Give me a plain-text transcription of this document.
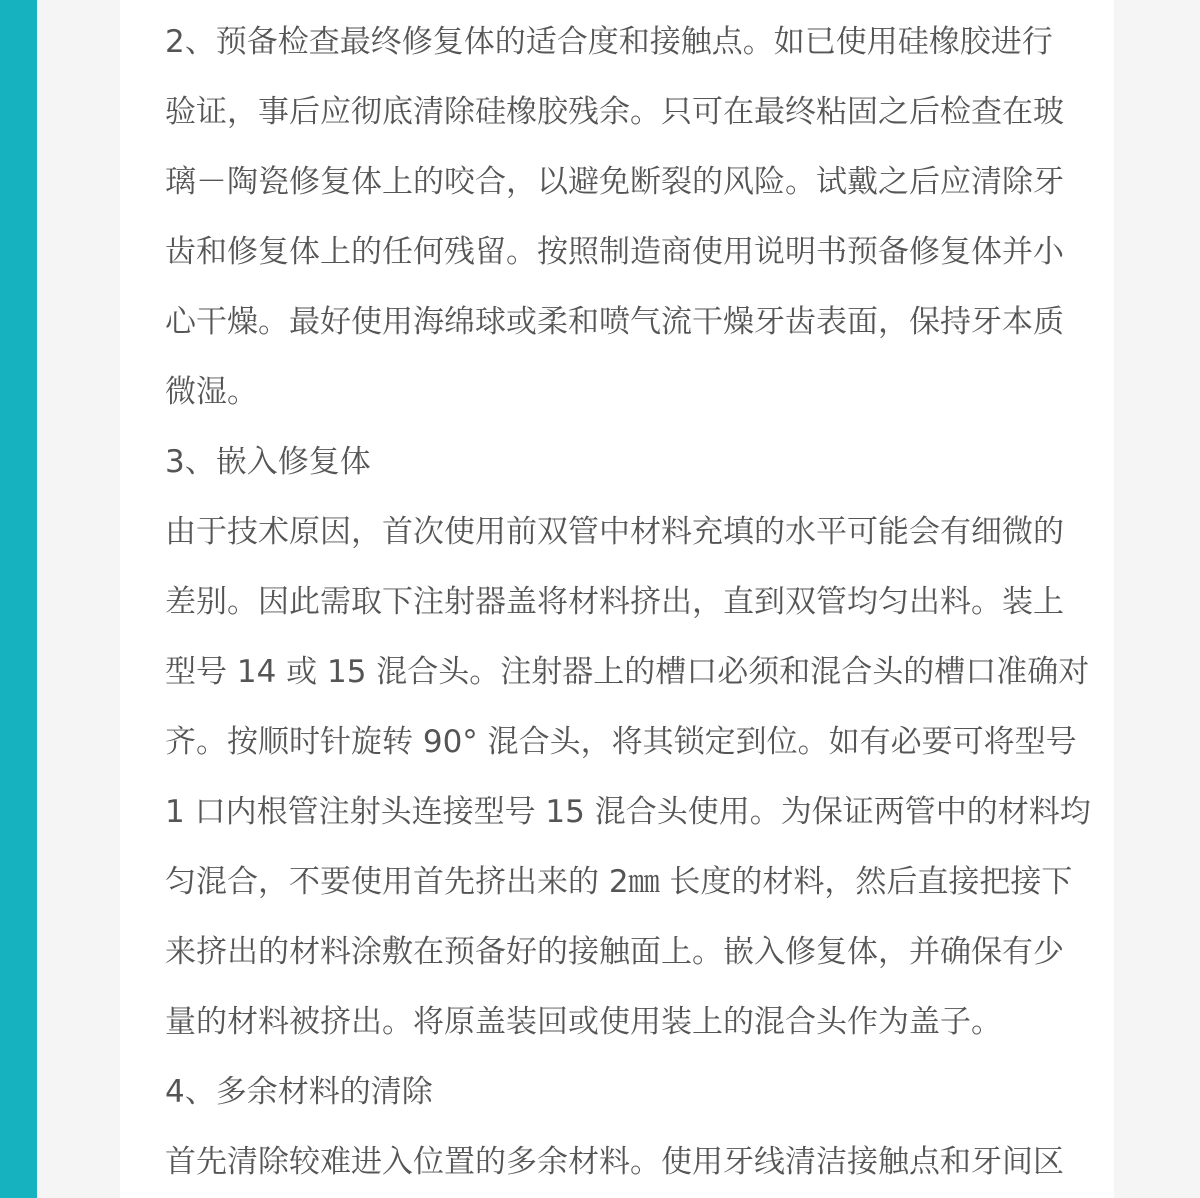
2、预备检查最终修复体的适合度和接触点。如已使用硅橡胶进行
验证，事后应彻底清除硅橡胶残余。只可在最终粘固之后检查在玻
璃－陶瓷修复体上的咬合，以避免断裂的风险。试戴之后应清除牙
齿和修复体上的任何残留。按照制造商使用说明书预备修复体并小
心干燥。最好使用海绵球或柔和喷气流干燥牙齿表面，保持牙本质
微湿。
3、嵌入修复体
由于技术原因，首次使用前双管中材料充填的水平可能会有细微的
差别。因此需取下注射器盖将材料挤出，直到双管均匀出料。装上
型号 14 或 15 混合头。注射器上的槽口必须和混合头的槽口准确对
齐。按顺时针旋转 90° 混合头，将其锁定到位。如有必要可将型号
1 口内根管注射头连接型号 15 混合头使用。为保证两管中的材料均
匀混合，不要使用首先挤出来的 2㎜ 长度的材料，然后直接把接下
来挤出的材料涂敷在预备好的接触面上。嵌入修复体，并确保有少
量的材料被挤出。将原盖装回或使用装上的混合头作为盖子。
4、多余材料的清除
首先清除较难进入位置的多余材料。使用牙线清洁接触点和牙间区
